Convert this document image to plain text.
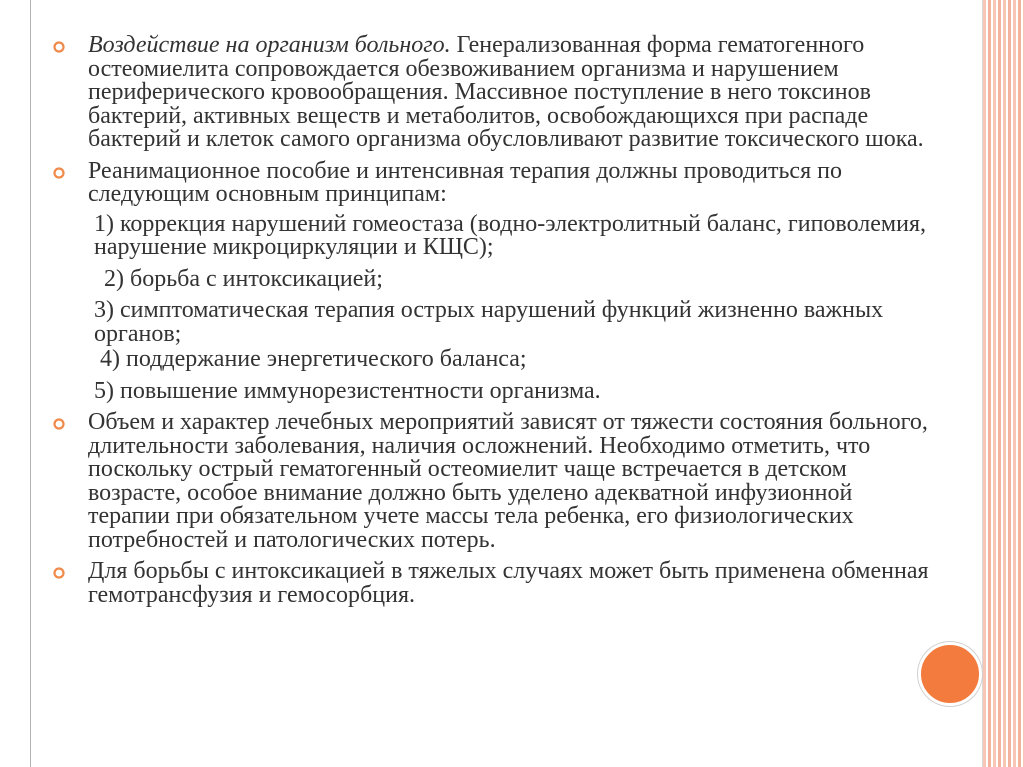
Воздействие на организм больного. Генерализованная форма гематогенного остеомиелита сопровождается обезвоживанием организма и нарушением периферического кровообращения. Массивное поступление в него токсинов бактерий, активных веществ и метаболитов, освобождающихся при распаде бактерий и клеток самого организма обусловливают развитие токсического шока.
Реанимационное пособие и интенсивная терапия должны проводиться по следующим основным принципам:
1) коррекция нарушений гомеостаза (водно-электролитный баланс, гиповолемия, нарушение микроциркуляции и КЩС);
2) борьба с интоксикацией;
3) симптоматическая терапия острых нарушений функций жизненно важных органов;
4) поддержание энергетического баланса;
5) повышение иммунорезистентности организма.
Объем и характер лечебных мероприятий зависят от тяжести состояния больного, длительности заболевания, наличия осложнений. Необходимо отметить, что поскольку острый гематогенный остеомиелит чаще встречается в детском возрасте, особое внимание должно быть уделено адекватной инфузионной терапии при обязательном учете массы тела ребенка, его физиологических потребностей и патологических потерь.
Для борьбы с интоксикацией в тяжелых случаях может быть применена обменная гемотрансфузия и гемосорбция.
